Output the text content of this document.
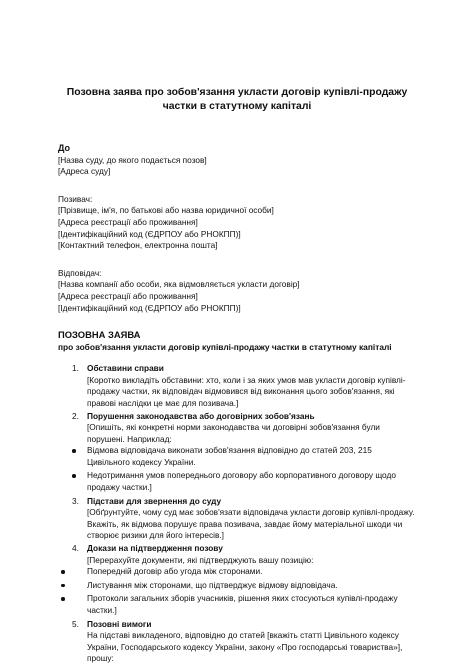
Позовна заява про зобов'язання укласти договір купівлі-продажу частки в статутному капіталі

До

[Назва суду, до якого подається позов]

[Адреса суду]

Позивач:

[Прізвище, ім'я, по батькові або назва юридичної особи]

[Адреса реєстрації або проживання]

[Ідентифікаційний код (ЄДРПОУ або РНОКПП)]

[Контактний телефон, електронна пошта]

Відповідач:

[Назва компанії або особи, яка відмовляється укласти договір]

[Адреса реєстрації або проживання]

[Ідентифікаційний код (ЄДРПОУ або РНОКПП)]

ПОЗОВНА ЗАЯВА
про зобов'язання укласти договір купівлі-продажу частки в статутному капіталі
1. Обставини справи

[Коротко викладіть обставини: хто, коли і за яких умов мав укласти договір купівлі-продажу частки, як відповідач відмовився від виконання цього зобов'язання, які правові наслідки це має для позивача.]

2. Порушення законодавства або договірних зобов'язань

[Опишіть, які конкретні норми законодавства чи договірні зобов'язання були порушені. Наприклад:

Відмова відповідача виконати зобов'язання відповідно до статей 203, 215 Цивільного кодексу України.
Недотримання умов попереднього договору або корпоративного договору щодо продажу частки.]
3. Підстави для звернення до суду

[Обґрунтуйте, чому суд має зобов'язати відповідача укласти договір купівлі-продажу. Вкажіть, як відмова порушує права позивача, завдає йому матеріальної шкоди чи створює ризики для його інтересів.]

4. Докази на підтвердження позову

[Перерахуйте документи, які підтверджують вашу позицію:

Попередній договір або угода між сторонами.
Листування між сторонами, що підтверджує відмову відповідача.
Протоколи загальних зборів учасників, рішення яких стосуються купівлі-продажу частки.]
5. Позовні вимоги

На підставі викладеного, відповідно до статей [вкажіть статті Цивільного кодексу України, Господарського кодексу України, закону «Про господарські товариства»], прошу:
